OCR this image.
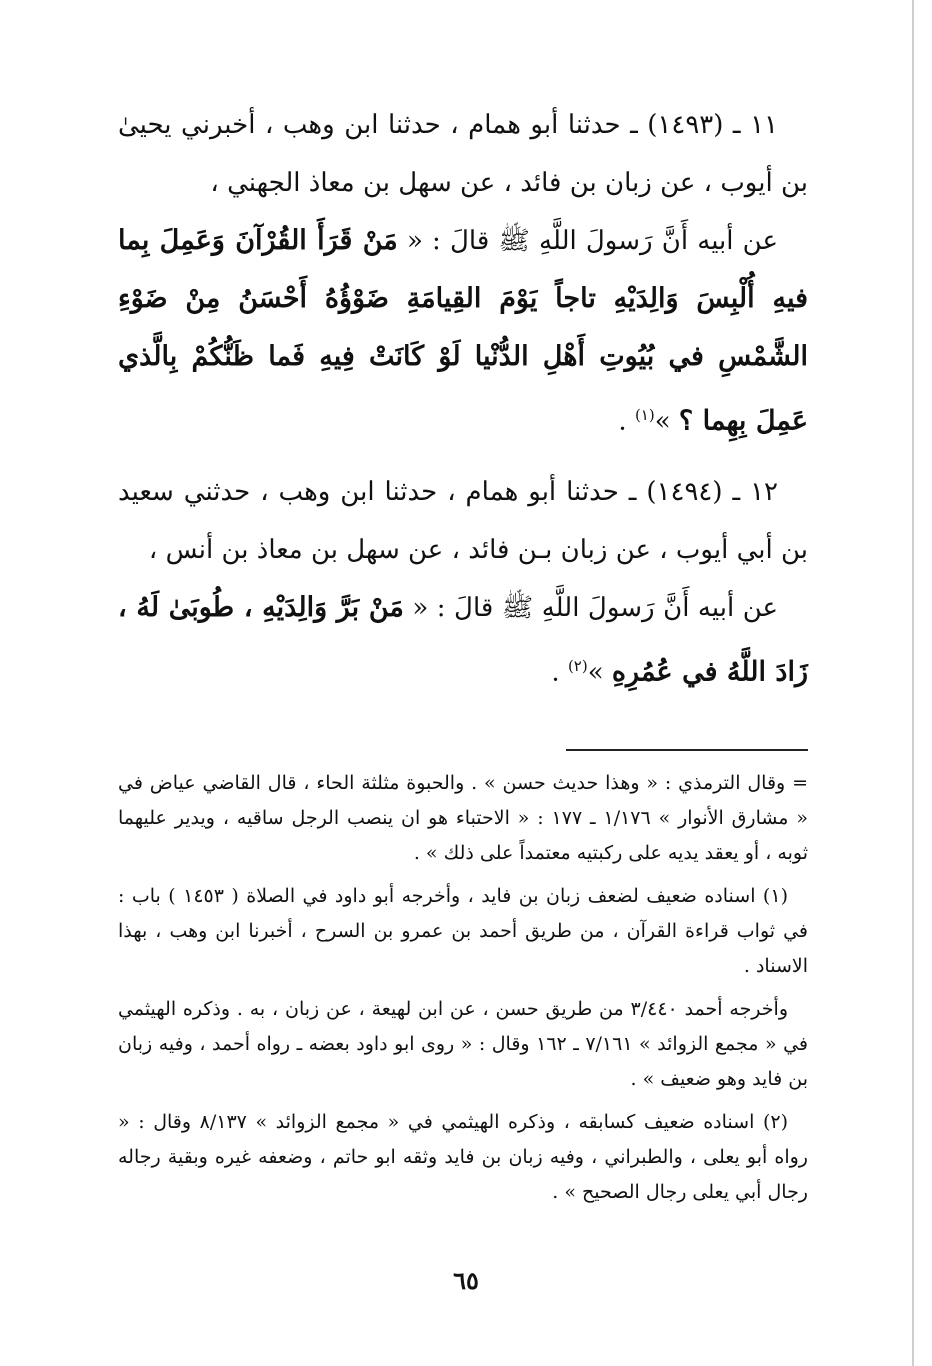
١١ ـ (١٤٩٣) ـ حدثنا أبو همام ، حدثنا ابن وهب ، أخبرني يحيىٰ بن أيوب ، عن زبان بن فائد ، عن سهل بن معاذ الجهني ،

عن أبيه أَنَّ رَسولَ اللَّهِ ﷺ قالَ : « مَنْ قَرَأَ القُرْآنَ وَعَمِلَ بِما فيهِ أُلْبِسَ وَالِدَيْهِ تاجاً يَوْمَ القِيامَةِ ضَوْؤُهُ أَحْسَنُ مِنْ ضَوْءِ الشَّمْسِ في بُيُوتِ أَهْلِ الدُّنْيا لَوْ كَانَتْ فِيهِ فَما ظَنُّكُمْ بِالَّذي عَمِلَ بِهِما ؟ »$^{(١)}$ .

١٢ ـ (١٤٩٤) ـ حدثنا أبو همام ، حدثنا ابن وهب ، حدثني سعيد بن أبي أيوب ، عن زبان بـن فائد ، عن سهل بن معاذ بن أنس ،

عن أبيه أَنَّ رَسولَ اللَّهِ ﷺ قالَ : « مَنْ بَرَّ وَالِدَيْهِ ، طُوبَىٰ لَهُ ، زَادَ اللَّهُ في عُمُرِهِ »$^{(٢)}$ .

= وقال الترمذي : « وهذا حديث حسن » . والحبوة مثلثة الحاء ، قال القاضي عياض في « مشارق الأنوار » ١/١٧٦ ـ ١٧٧ : « الاحتباء هو ان ينصب الرجل ساقيه ، ويدير عليهما ثوبه ، أو يعقد يديه على ركبتيه معتمداً على ذلك » .

(١) اسناده ضعيف لضعف زبان بن فايد ، وأخرجه أبو داود في الصلاة ( ١٤٥٣ ) باب : في ثواب قراءة القرآن ، من طريق أحمد بن عمرو بن السرح ، أخبرنا ابن وهب ، بهذا الاسناد .

وأخرجه أحمد ٣/٤٤٠ من طريق حسن ، عن ابن لهيعة ، عن زبان ، به . وذكره الهيثمي في « مجمع الزوائد » ٧/١٦١ ـ ١٦٢ وقال : « روى ابو داود بعضه ـ رواه أحمد ، وفيه زبان بن فايد وهو ضعيف » .

(٢) اسناده ضعيف كسابقه ، وذكره الهيثمي في « مجمع الزوائد » ٨/١٣٧ وقال : « رواه أبو يعلى ، والطبراني ، وفيه زبان بن فايد وثقه ابو حاتم ، وضعفه غيره وبقية رجاله رجال أبي يعلى رجال الصحيح » .

٦٥
